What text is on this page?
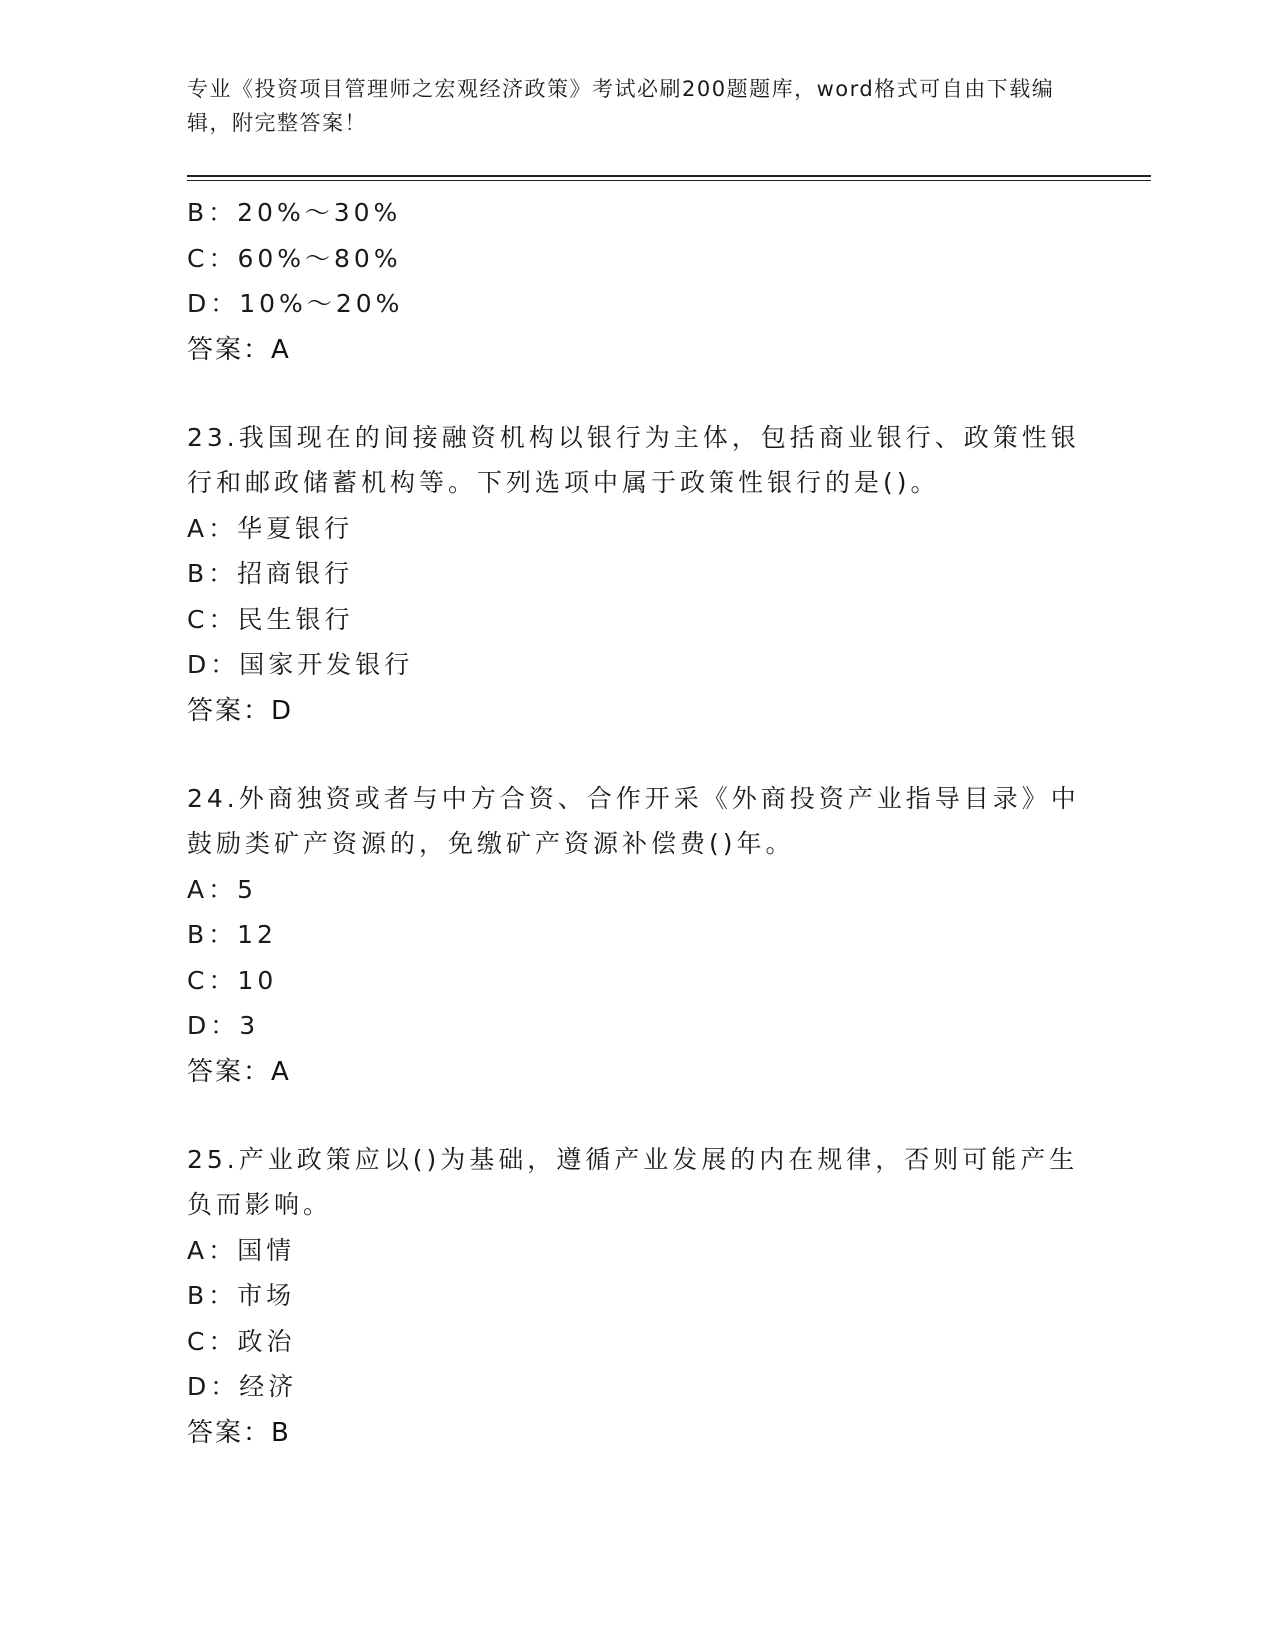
专业《投资项目管理师之宏观经济政策》考试必刷200题题库，word格式可自由下载编辑，附完整答案！
B：20%～30%
C：60%～80%
D：10%～20%
答案：A
23.我国现在的间接融资机构以银行为主体，包括商业银行、政策性银行和邮政储蓄机构等。下列选项中属于政策性银行的是()。
A：华夏银行
B：招商银行
C：民生银行
D：国家开发银行
答案：D
24.外商独资或者与中方合资、合作开采《外商投资产业指导目录》中鼓励类矿产资源的，免缴矿产资源补偿费()年。
A：5
B：12
C：10
D：3
答案：A
25.产业政策应以()为基础，遵循产业发展的内在规律，否则可能产生负而影响。
A：国情
B：市场
C：政治
D：经济
答案：B
